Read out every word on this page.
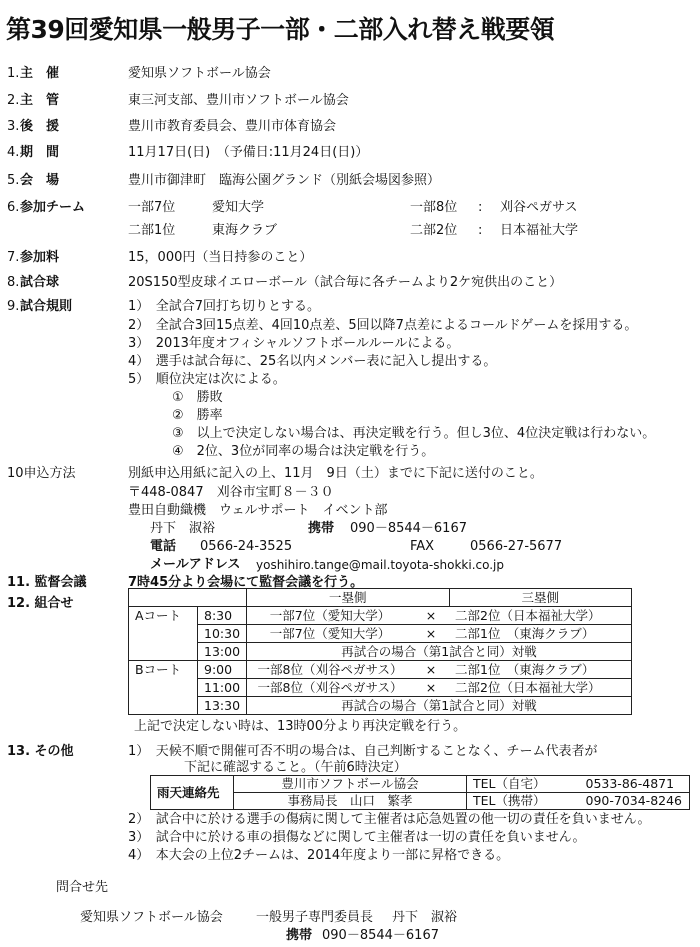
第39回愛知県一般男子一部・二部入れ替え戦要領
1. 主　催	愛知県ソフトボール協会
2. 主　管	東三河支部、豊川市ソフトボール協会
3. 後　援	豊川市教育委員会、豊川市体育協会
4. 期　間	11月17日(日)　（予備日:11月24日(日)）
5. 会　場	豊川市御津町　臨海公園グランド（別紙会場図参照）
6. 参加チーム	一部7位	愛知大学	一部8位 : 刈谷ペガサス
二部1位	東海クラブ	二部2位 : 日本福祉大学
7. 参加料	15，000円（当日持参のこと）
8. 試合球	20S150型皮球イエローボール（試合毎に各チームより2ケ宛供出のこと）
9. 試合規則	1）　全試合7回打ち切りとする。
2）　全試合3回15点差、4回10点差、5回以降7点差によるコールドゲームを採用する。
3）　2013年度オフィシャルソフトボールルールによる。
4）　選手は試合毎に、25名以内メンバー表に記入し提出する。
5）　順位決定は次による。
①　勝敗
②　勝率
③　以上で決定しない場合は、再決定戦を行う。但し3位、4位決定戦は行わない。
④　2位、3位が同率の場合は決定戦を行う。
10申込方法	別紙申込用紙に記入の上、11月　9日（土）までに下記に送付のこと。
〒448-0847　刈谷市宝町８－３０
豊田自動織機　ウェルサポート　イベント部
丹下　淑裕	携帯 090－8544－6167
電話 0566-24-3525	FAX	0566-27-5677
メールアドレス yoshihiro.tange@mail.toyota-shokki.co.jp
11. 監督会議	7時45分より会場にて監督会議を行う。
12. 組合せ
			一塁側		三塁側
Aコート	8:30	一部7位（愛知大学）	×	二部2位（日本福祉大学）
	10:30	一部7位（愛知大学）	×	二部1位　（東海クラブ）
	13:00	再試合の場合（第1試合と同）対戦		
Bコート	9:00	一部8位（刈谷ペガサス）	×	二部1位　（東海クラブ）
	11:00	一部8位（刈谷ペガサス）	×	二部2位（日本福祉大学）
	13:30	再試合の場合（第1試合と同）対戦		
上記で決定しない時は、13時00分より再決定戦を行う。
13. その他	1）　天候不順で開催可否不明の場合は、自己判断することなく、チーム代表者が
下記に確認すること。（午前6時決定）
雨天連絡先	豊川市ソフトボール協会	TEL（自宅） 0533-86-4871
	事務局長　山口　繁孝	TEL（携帯） 090-7034-8246
2）　試合中に於ける選手の傷病に関して主催者は応急処置の他一切の責任を負いません。
3）　試合中に於ける車の損傷などに関して主催者は一切の責任を負いません。
4）　本大会の上位2チームは、2014年度より一部に昇格できる。
問合せ先
愛知県ソフトボール協会	一般男子専門委員長 丹下　淑裕
携帯 090－8544－6167
